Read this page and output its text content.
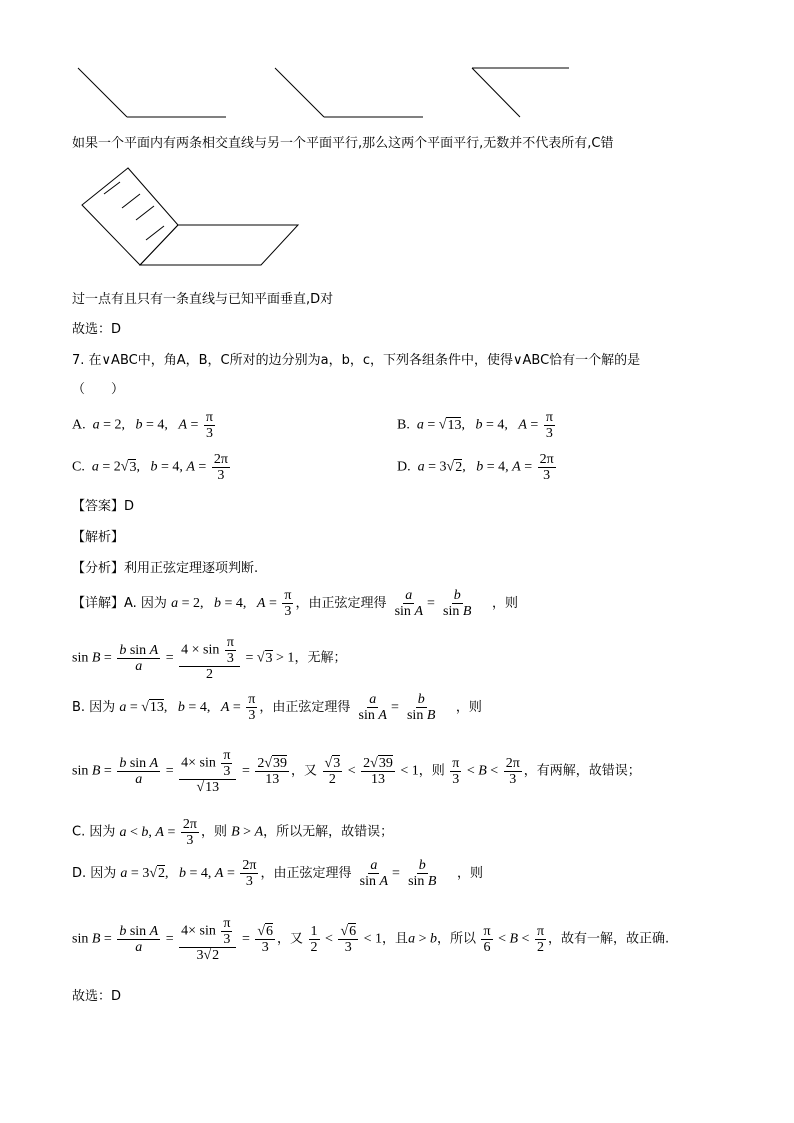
如果一个平面内有两条相交直线与另一个平面平行,那么这两个平面平行,无数并不代表所有,C错
过一点有且只有一条直线与已知平面垂直,D对
故选：D
7. 在∨ABC中，角A，B，C所对的边分别为a，b，c，下列各组条件中，使得∨ABC恰有一个解的是
（　　）
A. a = 2,   b = 4,   $A = \frac{\pi}{3}$	B. a = √13,   b = 4,   $A = \frac{\pi}{3}$
C. a = 2√3,   b = 4, $A = \frac{2\pi}{3}$	D. a = 3√2,   b = 4, $A = \frac{2\pi}{3}$
【答案】D
【解析】
【分析】利用正弦定理逐项判断.
【详解】A. 因为 a = 2,   b = 4,   $A = \frac{\pi}{3}$ ，由正弦定理得 $\frac{a}{\text{sin A}} = \frac{b}{\text{sin B}}$ ，则
$\sin B = \frac{\text{b sin A}}{a} = \frac{4 \times \sin \frac{\pi}{3}}{2} = √3 > 1$，无解；
B. 因为 a = √13,   b = 4,   $A = \frac{\pi}{3}$ ，由正弦定理得 $\frac{a}{\text{sin A}} = \frac{b}{\text{sin B}}$ ，则
$\sin B = \frac{\text{b sin A}}{a} = \frac{4\times \sin \frac{\pi}{3}}{√13} = \frac{2√39}{13}$ ，又 $\frac{√3}{2} < \frac{2√39}{13} < 1$，则 $\frac{\pi}{3} < B < \frac{2\pi}{3}$ ，有两解，故错误；
C. 因为 a < b, $A = \frac{2\pi}{3}$ ，则 B > A，所以无解，故错误；
D. 因为 a = 3√2,   b = 4, $A = \frac{2\pi}{3}$ ，由正弦定理得 $\frac{a}{\text{sin A}} = \frac{b}{\text{sin B}}$ ，则
$\sin B = \frac{\text{b sin A}}{a} = \frac{4\times \sin \frac{\pi}{3}}{3√2} = \frac{√6}{3}$ ，又 $\frac{1}{2} < \frac{√6}{3} < 1$，且a > b，所以 $\frac{\pi}{6} < B < \frac{\pi}{2}$ ，故有一解，故正确.
故选：D
